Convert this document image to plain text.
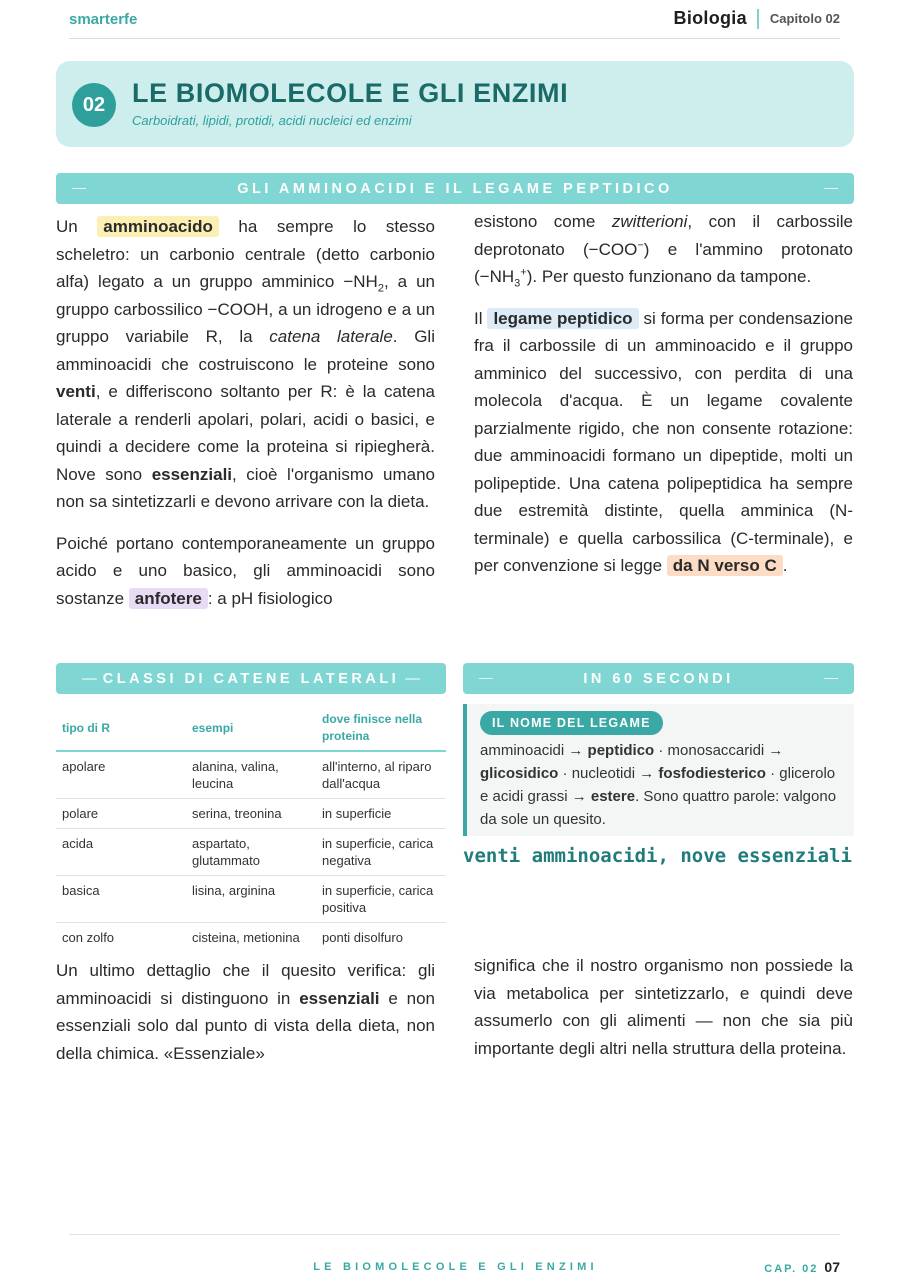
smarterfe	Biologia Capitolo 02
02 LE BIOMOLECOLE E GLI ENZIMI
Carboidrati, lipidi, protidi, acidi nucleici ed enzimi
—	GLI AMMINOACIDI E IL LEGAME PEPTIDICO	—

Un amminoacido ha sempre lo stesso scheletro: un carbonio centrale (detto carbonio alfa) legato a un gruppo amminico $-NH_2$, a un gruppo carbossilico −COOH, a un idrogeno e a un gruppo variabile R, la catena laterale. Gli amminoacidi che costruiscono le proteine sono venti, e differiscono soltanto per R: è la catena laterale a renderli apolari, polari, acidi o basici, e quindi a decidere come la proteina si ripiegherà. Nove sono essenziali, cioè l'organismo umano non sa sintetizzarli e devono arrivare con la dieta.

Poiché portano contemporaneamente un gruppo acido e uno basico, gli amminoacidi sono sostanze anfotere : a pH fisiologico

esistono come zwitterioni, con il carbossile deprotonato (−COO−) e l'ammino protonato $(-NH_3^+)$. Per questo funzionano da tampone.

Il legame peptidico si forma per condensazione fra il carbossile di un amminoacido e il gruppo amminico del successivo, con perdita di una molecola d'acqua. È un legame covalente parzialmente rigido, che non consente rotazione: due amminoacidi formano un dipeptide, molti un polipeptide. Una catena polipeptidica ha sempre due estremità distinte, quella amminica (N-terminale) e quella carbossilica (C-terminale), e per convenzione si legge da N verso C .

— CLASSI DI CATENE LATERALI —	—	IN 60 SECONDI	—
tipo di R	esempi	dove finisce nella proteina
apolare	alanina, valina, leucina	all'interno, al riparo dall'acqua
polare	serina, treonina	in superficie
acida	aspartato, glutammato	in superficie, carica negativa
basica	lisina, arginina	in superficie, carica positiva
con zolfo	cisteina, metionina	ponti disolfuro
IL NOME DEL LEGAME
amminoacidi → peptidico · monosaccaridi → glicosidico · nucleotidi → fosfodiesterico · glicerolo e acidi grassi → estere. Sono quattro parole: valgono da sole un quesito.
venti amminoacidi, nove essenziali

Un ultimo dettaglio che il quesito verifica: gli amminoacidi si distinguono in essenziali e non essenziali solo dal punto di vista della dieta, non della chimica. «Essenziale»

significa che il nostro organismo non possiede la via metabolica per sintetizzarlo, e quindi deve assumerlo con gli alimenti — non che sia più importante degli altri nella struttura della proteina.

LE BIOMOLECOLE E GLI ENZIMI	CAP. 02 07
